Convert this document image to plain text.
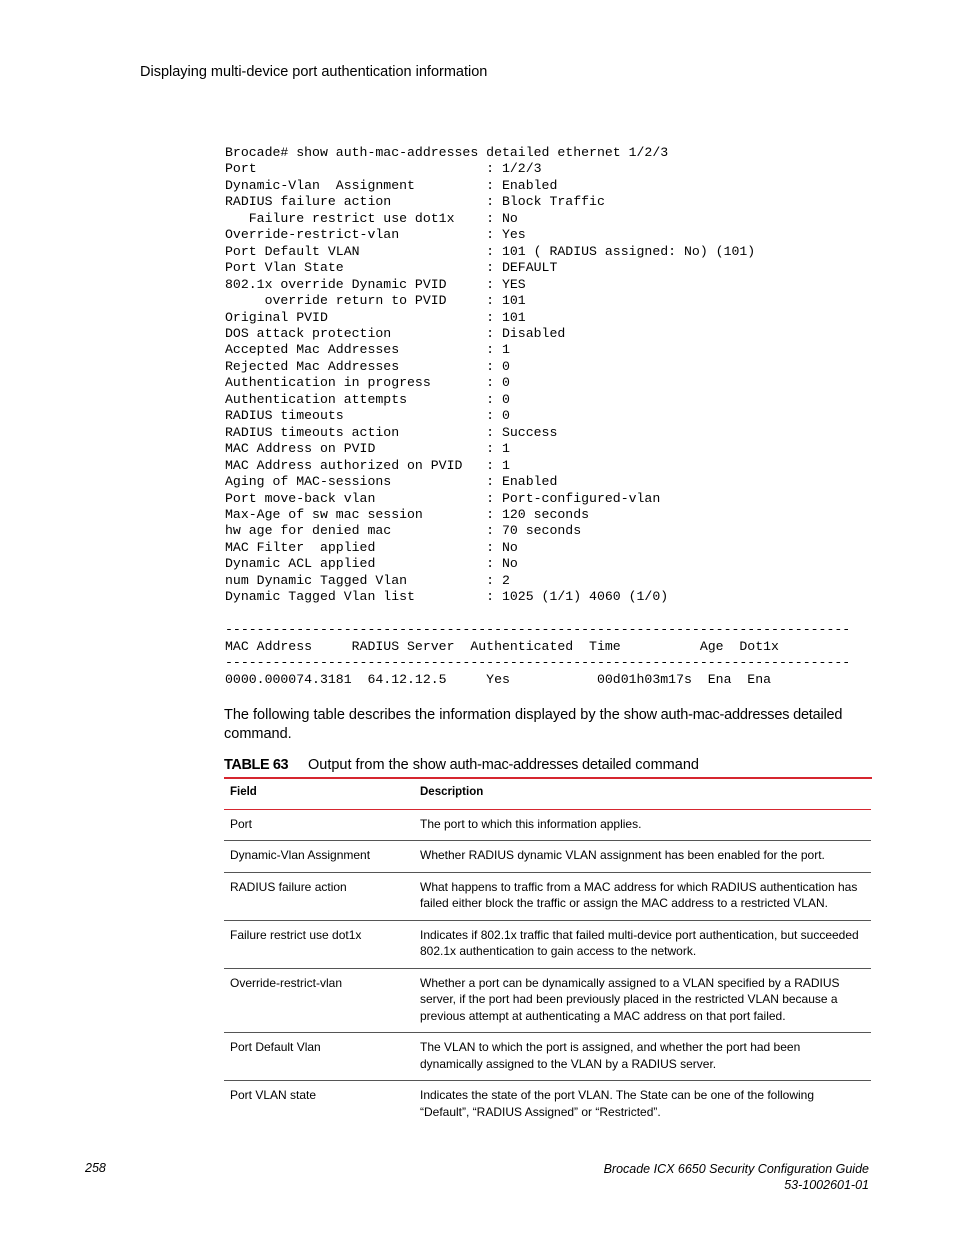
Displaying multi-device port authentication information
Brocade# show auth-mac-addresses detailed ethernet 1/2/3
Port                             : 1/2/3
Dynamic-Vlan  Assignment         : Enabled
RADIUS failure action            : Block Traffic
Failure restrict use dot1x    : No
Override-restrict-vlan           : Yes
Port Default VLAN                : 101 ( RADIUS assigned: No) (101)
Port Vlan State                  : DEFAULT
802.1x override Dynamic PVID     : YES
override return to PVID     : 101
Original PVID                    : 101
DOS attack protection            : Disabled
Accepted Mac Addresses           : 1
Rejected Mac Addresses           : 0
Authentication in progress       : 0
Authentication attempts          : 0
RADIUS timeouts                  : 0
RADIUS timeouts action           : Success
MAC Address on PVID              : 1
MAC Address authorized on PVID   : 1
Aging of MAC-sessions            : Enabled
Port move-back vlan              : Port-configured-vlan
Max-Age of sw mac session        : 120 seconds
hw age for denied mac            : 70 seconds
MAC Filter  applied              : No
Dynamic ACL applied              : No
num Dynamic Tagged Vlan          : 2
Dynamic Tagged Vlan list         : 1025 (1/1) 4060 (1/0)

-------------------------------------------------------------------------------
MAC Address     RADIUS Server  Authenticated  Time          Age  Dot1x
-------------------------------------------------------------------------------
0000.000074.3181  64.12.12.5     Yes           00d01h03m17s  Ena  Ena
The following table describes the information displayed by the show auth-mac-addresses detailed command.
TABLE 63 Output from the show auth-mac-addresses detailed command
Field	Description
Port	The port to which this information applies.
Dynamic-Vlan Assignment	Whether RADIUS dynamic VLAN assignment has been enabled for the port.
RADIUS failure action	What happens to traffic from a MAC address for which RADIUS authentication has failed either block the traffic or assign the MAC address to a restricted VLAN.
Failure restrict use dot1x	Indicates if 802.1x traffic that failed multi-device port authentication, but succeeded 802.1x authentication to gain access to the network.
Override-restrict-vlan	Whether a port can be dynamically assigned to a VLAN specified by a RADIUS server, if the port had been previously placed in the restricted VLAN because a previous attempt at authenticating a MAC address on that port failed.
Port Default Vlan	The VLAN to which the port is assigned, and whether the port had been dynamically assigned to the VLAN by a RADIUS server.
Port VLAN state	Indicates the state of the port VLAN. The State can be one of the following “Default”, “RADIUS Assigned” or “Restricted”.
258	Brocade ICX 6650 Security Configuration Guide
53-1002601-01
